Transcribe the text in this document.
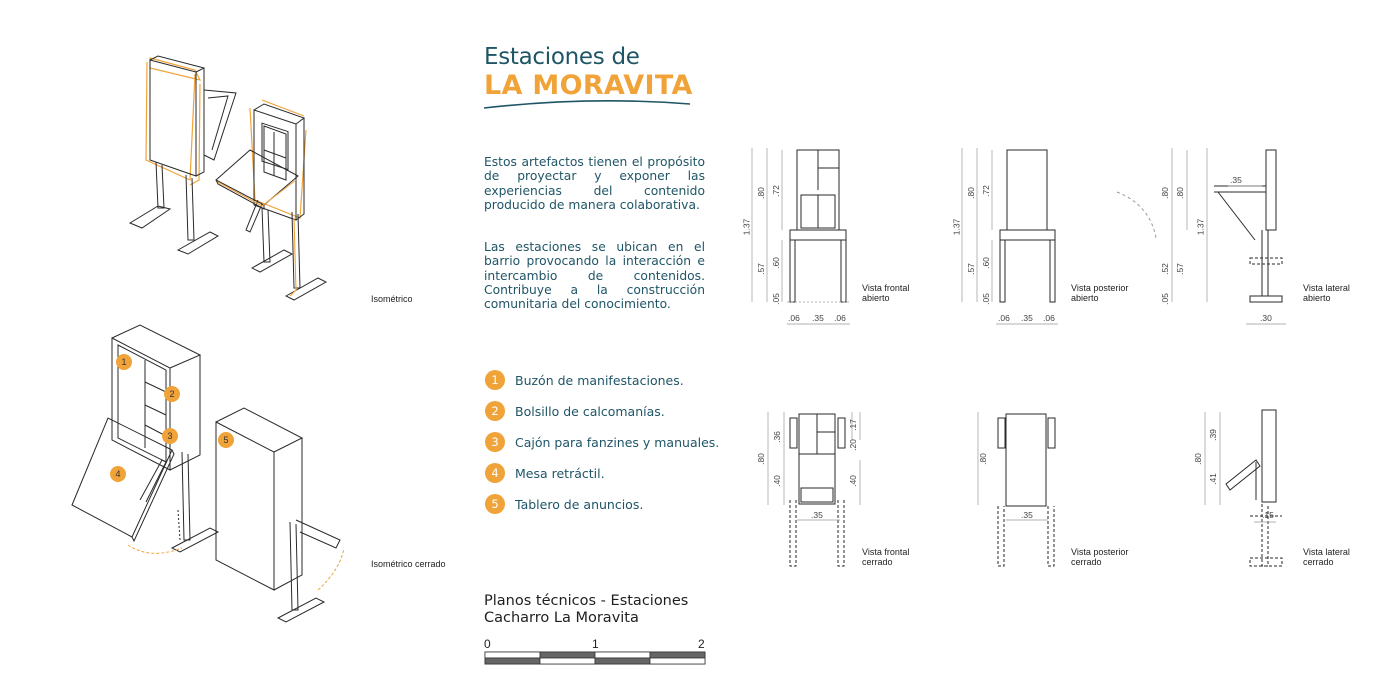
Estaciones de
LA MORAVITA
Estos artefactos tienen el propósito de proyectar y exponer las experiencias del contenido producido de manera colaborativa.
Las estaciones se ubican en el barrio provocando la interacción e intercambio de contenidos. Contribuye a la construcción comunitaria del conocimiento.
1	Buzón de manifestaciones.
2	Bolsillo de calcomanías.
3	Cajón para fanzines y manuales.
4	Mesa retráctil.
5	Tablero de anuncios.
Planos técnicos - Estaciones
Cacharro La Moravita
0	1	2
Isométrico
Isométrico cerrado
1
2
3
4
5
Vista frontal
abierto
Vista posterior
abierto
Vista lateral
abierto
Vista frontal
cerrado
Vista posterior
cerrado
Vista lateral
cerrado
1.37
.80 .72
.57
.60
.05
.06 .35 .06
1.37
.80 .72
.57
.60
.05
.06 .35 .06
.80 .80
1.37
.52 .57
.05
.35
.30
.80
.36
.40
.17
.20
.40
.35
.80
.35
.80
.39
.41
.15
